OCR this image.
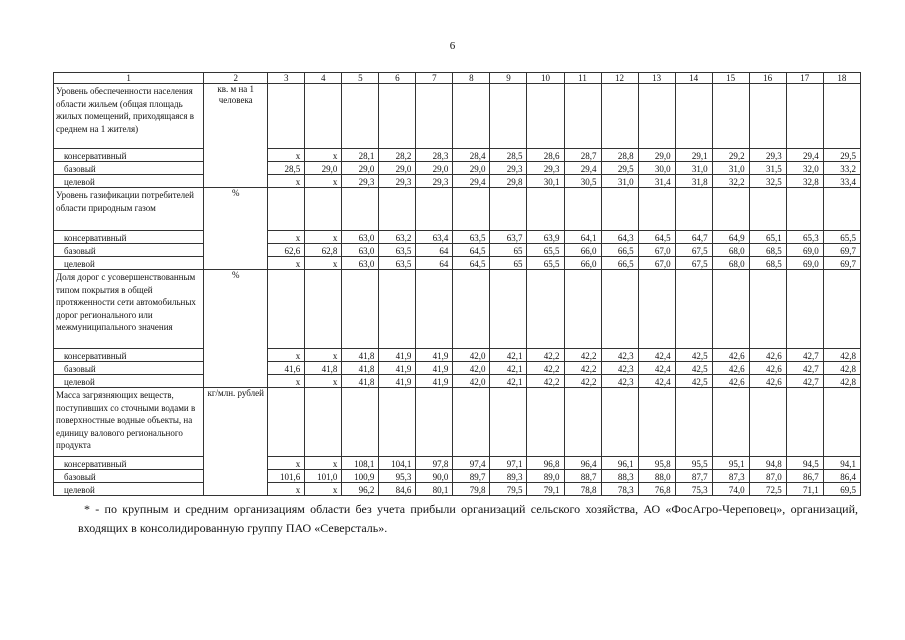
6
1	2	3	4	5	6	7	8	9	10	11	12	13	14	15	16	17	18
Уровень обеспеченности населения области жильем (общая площадь жилых помещений, приходящаяся в среднем на 1 жителя)	кв. м на 1 человека																
консервативный		x	x	28,1	28,2	28,3	28,4	28,5	28,6	28,7	28,8	29,0	29,1	29,2	29,3	29,4	29,5
базовый		28,5	29,0	29,0	29,0	29,0	29,0	29,3	29,3	29,4	29,5	30,0	31,0	31,0	31,5	32,0	33,2
целевой		x	x	29,3	29,3	29,3	29,4	29,8	30,1	30,5	31,0	31,4	31,8	32,2	32,5	32,8	33,4
Уровень газификации потребителей области природным газом	%																
консервативный		x	x	63,0	63,2	63,4	63,5	63,7	63,9	64,1	64,3	64,5	64,7	64,9	65,1	65,3	65,5
базовый		62,6	62,8	63,0	63,5	64	64,5	65	65,5	66,0	66,5	67,0	67,5	68,0	68,5	69,0	69,7
целевой		x	x	63,0	63,5	64	64,5	65	65,5	66,0	66,5	67,0	67,5	68,0	68,5	69,0	69,7
Доля дорог с усовершенствованным типом покрытия в общей протяженности сети автомобильных дорог регионального или межмуниципального значения	%																
консервативный		x	x	41,8	41,9	41,9	42,0	42,1	42,2	42,2	42,3	42,4	42,5	42,6	42,6	42,7	42,8
базовый		41,6	41,8	41,8	41,9	41,9	42,0	42,1	42,2	42,2	42,3	42,4	42,5	42,6	42,6	42,7	42,8
целевой		x	x	41,8	41,9	41,9	42,0	42,1	42,2	42,2	42,3	42,4	42,5	42,6	42,6	42,7	42,8
Масса загрязняющих веществ, поступивших со сточными водами в поверхностные водные объекты, на единицу валового регионального продукта	кг/млн. рублей																
консервативный		x	x	108,1	104,1	97,8	97,4	97,1	96,8	96,4	96,1	95,8	95,5	95,1	94,8	94,5	94,1
базовый		101,6	101,0	100,9	95,3	90,0	89,7	89,3	89,0	88,7	88,3	88,0	87,7	87,3	87,0	86,7	86,4
целевой		x	x	96,2	84,6	80,1	79,8	79,5	79,1	78,8	78,3	76,8	75,3	74,0	72,5	71,1	69,5
* - по крупным и средним организациям области без учета прибыли организаций сельского хозяйства, АО «ФосАгро-Череповец», организаций, входящих в консолидированную группу ПАО «Северсталь».
